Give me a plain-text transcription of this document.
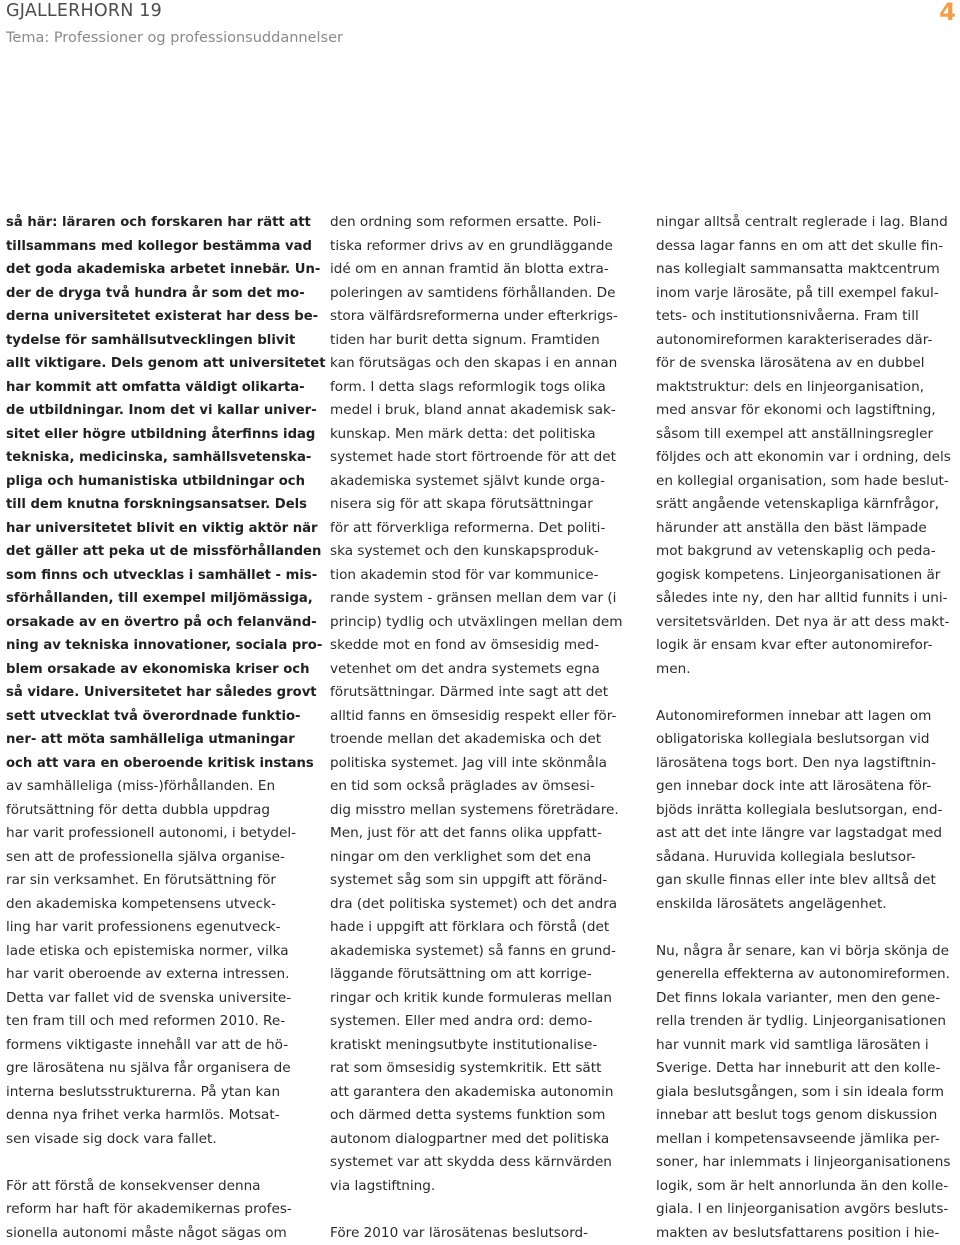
GJALLERHORN 19
Tema: Professioner og professionsuddannelser
4
så här: läraren och forskaren har rätt att
tillsammans med kollegor bestämma vad
det goda akademiska arbetet innebär. Un-
der de dryga två hundra år som det mo-
derna universitetet existerat har dess be-
tydelse för samhällsutvecklingen blivit
allt viktigare. Dels genom att universitetet
har kommit att omfatta väldigt olikarta-
de utbildningar. Inom det vi kallar univer-
sitet eller högre utbildning återfinns idag
tekniska, medicinska, samhällsvetenska-
pliga och humanistiska utbildningar och
till dem knutna forskningsansatser. Dels
har universitetet blivit en viktig aktör när
det gäller att peka ut de missförhållanden
som finns och utvecklas i samhället - mis-
sförhållanden, till exempel miljömässiga,
orsakade av en övertro på och felanvänd-
ning av tekniska innovationer, sociala pro-
blem orsakade av ekonomiska kriser och
så vidare. Universitetet har således grovt
sett utvecklat två överordnade funktio-
ner- att möta samhälleliga utmaningar
och att vara en oberoende kritisk instans
av samhälleliga (miss-)förhållanden. En
förutsättning för detta dubbla uppdrag
har varit professionell autonomi, i betydel-
sen att de professionella själva organise-
rar sin verksamhet. En förutsättning för
den akademiska kompetensens utveck-
ling har varit professionens egenutveck-
lade etiska och epistemiska normer, vilka
har varit oberoende av externa intressen.
Detta var fallet vid de svenska universite-
ten fram till och med reformen 2010. Re-
formens viktigaste innehåll var att de hö-
gre lärosätena nu själva får organisera de
interna beslutsstrukturerna. På ytan kan
denna nya frihet verka harmlös. Motsat-
sen visade sig dock vara fallet.
För att förstå de konsekvenser denna
reform har haft för akademikernas profes-
sionella autonomi måste något sägas om
den ordning som reformen ersatte. Poli-
tiska reformer drivs av en grundläggande
idé om en annan framtid än blotta extra-
poleringen av samtidens förhållanden. De
stora välfärdsreformerna under efterkrigs-
tiden har burit detta signum. Framtiden
kan förutsägas och den skapas i en annan
form. I detta slags reformlogik togs olika
medel i bruk, bland annat akademisk sak-
kunskap. Men märk detta: det politiska
systemet hade stort förtroende för att det
akademiska systemet självt kunde orga-
nisera sig för att skapa förutsättningar
för att förverkliga reformerna. Det politi-
ska systemet och den kunskapsproduk-
tion akademin stod för var kommunice-
rande system - gränsen mellan dem var (i
princip) tydlig och utväxlingen mellan dem
skedde mot en fond av ömsesidig med-
vetenhet om det andra systemets egna
förutsättningar. Därmed inte sagt att det
alltid fanns en ömsesidig respekt eller för-
troende mellan det akademiska och det
politiska systemet. Jag vill inte skönmåla
en tid som också präglades av ömsesi-
dig misstro mellan systemens företrädare.
Men, just för att det fanns olika uppfatt-
ningar om den verklighet som det ena
systemet såg som sin uppgift att föränd-
dra (det politiska systemet) och det andra
hade i uppgift att förklara och förstå (det
akademiska systemet) så fanns en grund-
läggande förutsättning om att korrige-
ringar och kritik kunde formuleras mellan
systemen. Eller med andra ord: demo-
kratiskt meningsutbyte institutionalise-
rat som ömsesidig systemkritik. Ett sätt
att garantera den akademiska autonomin
och därmed detta systems funktion som
autonom dialogpartner med det politiska
systemet var att skydda dess kärnvärden
via lagstiftning.
Före 2010 var lärosätenas beslutsord-
ningar alltså centralt reglerade i lag. Bland
dessa lagar fanns en om att det skulle fin-
nas kollegialt sammansatta maktcentrum
inom varje lärosäte, på till exempel fakul-
tets- och institutionsnivåerna. Fram till
autonomireformen karakteriserades där-
för de svenska lärosätena av en dubbel
maktstruktur: dels en linjeorganisation,
med ansvar för ekonomi och lagstiftning,
såsom till exempel att anställningsregler
följdes och att ekonomin var i ordning, dels
en kollegial organisation, som hade beslut-
srätt angående vetenskapliga kärnfrågor,
härunder att anställa den bäst lämpade
mot bakgrund av vetenskaplig och peda-
gogisk kompetens. Linjeorganisationen är
således inte ny, den har alltid funnits i uni-
versitetsvärlden. Det nya är att dess makt-
logik är ensam kvar efter autonomirefor-
men.
Autonomireformen innebar att lagen om
obligatoriska kollegiala beslutsorgan vid
lärosätena togs bort. Den nya lagstiftnin-
gen innebar dock inte att lärosätena för-
bjöds inrätta kollegiala beslutsorgan, end-
ast att det inte längre var lagstadgat med
sådana. Huruvida kollegiala beslutsor-
gan skulle finnas eller inte blev alltså det
enskilda lärosätets angelägenhet.
Nu, några år senare, kan vi börja skönja de
generella effekterna av autonomireformen.
Det finns lokala varianter, men den gene-
rella trenden är tydlig. Linjeorganisationen
har vunnit mark vid samtliga lärosäten i
Sverige. Detta har inneburit att den kolle-
giala beslutsgången, som i sin ideala form
innebar att beslut togs genom diskussion
mellan i kompetensavseende jämlika per-
soner, har inlemmats i linjeorganisationens
logik, som är helt annorlunda än den kolle-
giala. I en linjeorganisation avgörs besluts-
makten av beslutsfattarens position i hie-
